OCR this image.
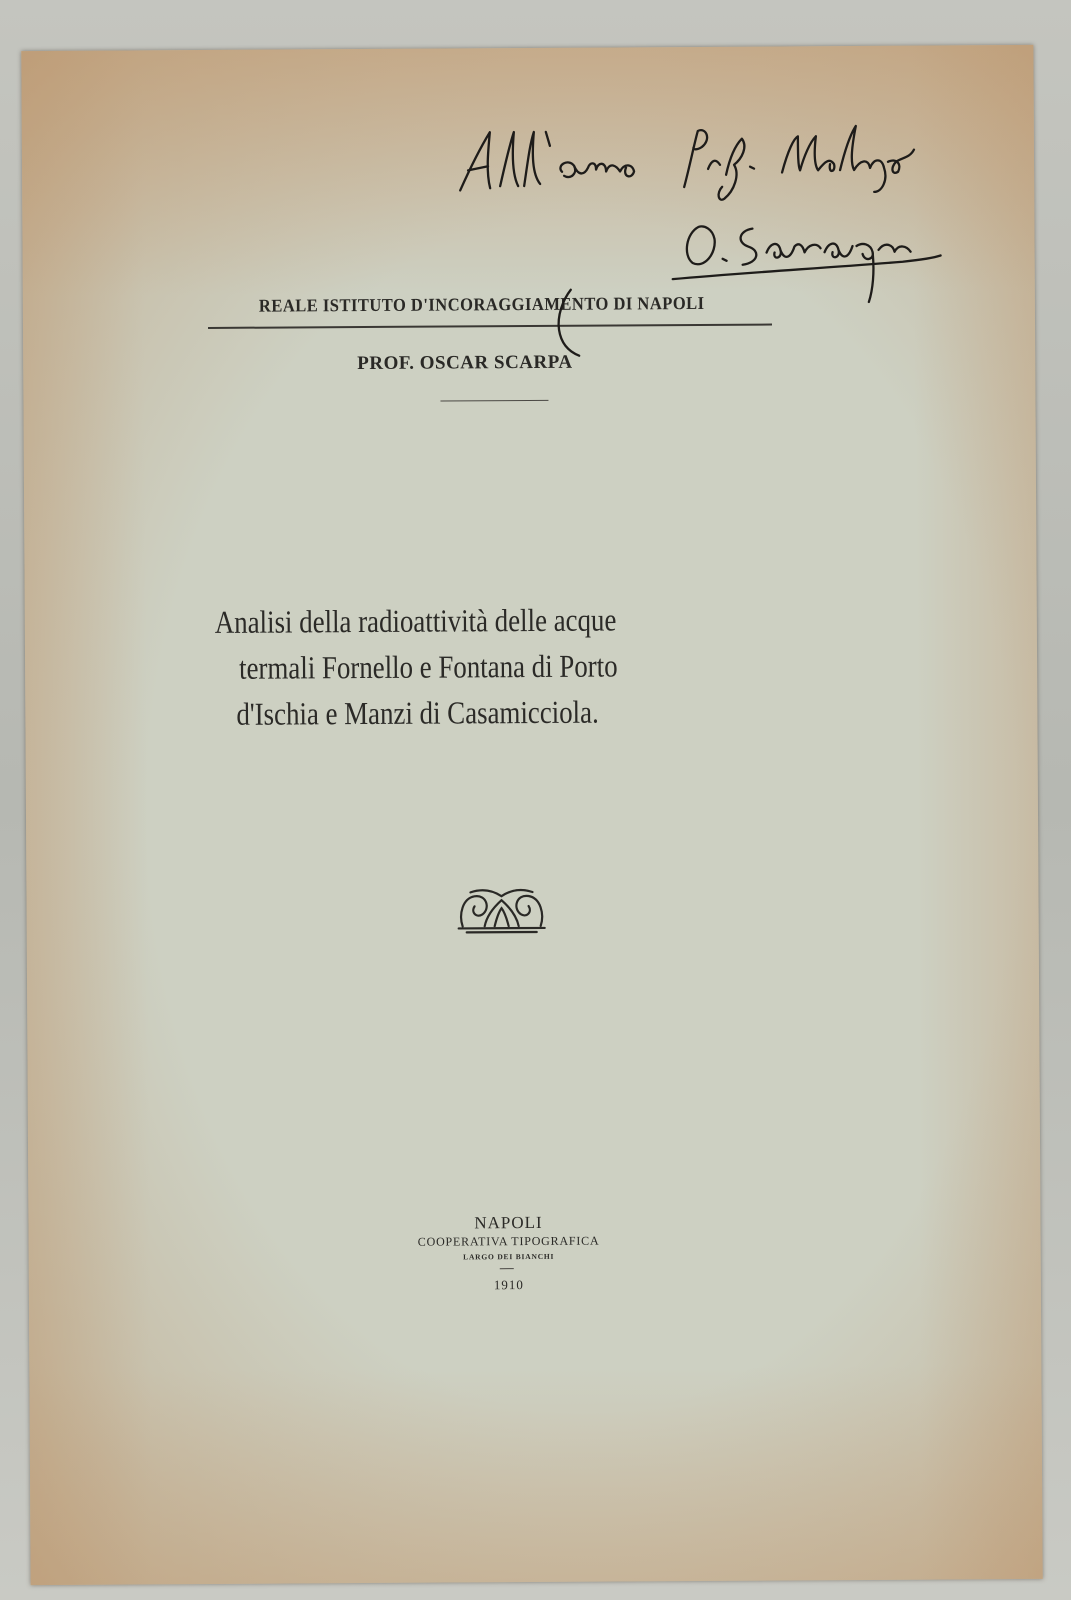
REALE ISTITUTO D'INCORAGGIAMENTO DI NAPOLI
PROF. OSCAR SCARPA
Analisi della radioattività delle acque
termali Fornello e Fontana di Porto
d'Ischia e Manzi di Casamicciola.
NAPOLI
COOPERATIVA TIPOGRAFICA
LARGO DEI BIANCHI
1910
